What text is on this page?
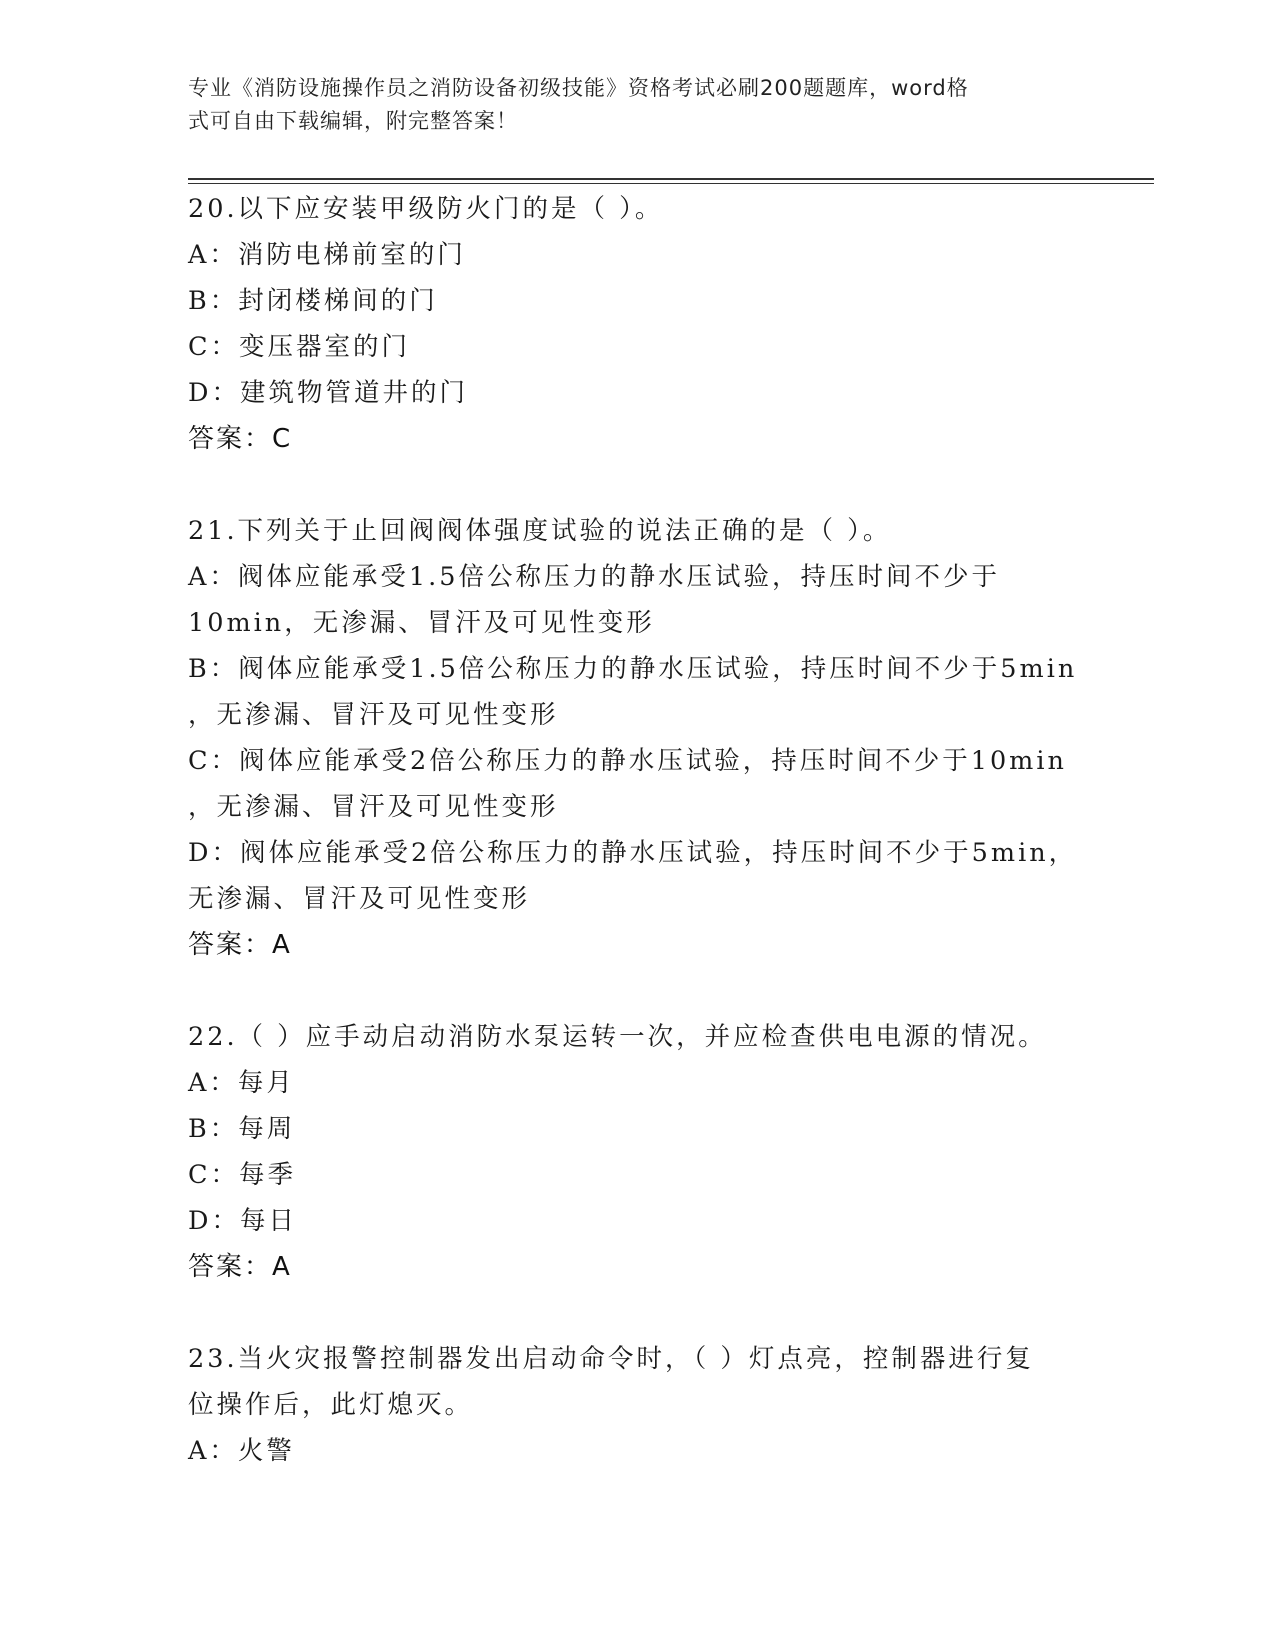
专业《消防设施操作员之消防设备初级技能》资格考试必刷200题题库，word格
式可自由下载编辑，附完整答案！
20.以下应安装甲级防火门的是（ ）。
A：消防电梯前室的门
B：封闭楼梯间的门
C：变压器室的门
D：建筑物管道井的门
答案：C
21.下列关于止回阀阀体强度试验的说法正确的是（ ）。
A：阀体应能承受1.5倍公称压力的静水压试验，持压时间不少于
10min，无渗漏、冒汗及可见性变形
B：阀体应能承受1.5倍公称压力的静水压试验，持压时间不少于5min
，无渗漏、冒汗及可见性变形
C：阀体应能承受2倍公称压力的静水压试验，持压时间不少于10min
，无渗漏、冒汗及可见性变形
D：阀体应能承受2倍公称压力的静水压试验，持压时间不少于5min，
无渗漏、冒汗及可见性变形
答案：A
22.（ ）应手动启动消防水泵运转一次，并应检查供电电源的情况。
A：每月
B：每周
C：每季
D：每日
答案：A
23.当火灾报警控制器发出启动命令时，（ ）灯点亮，控制器进行复
位操作后，此灯熄灭。
A：火警
